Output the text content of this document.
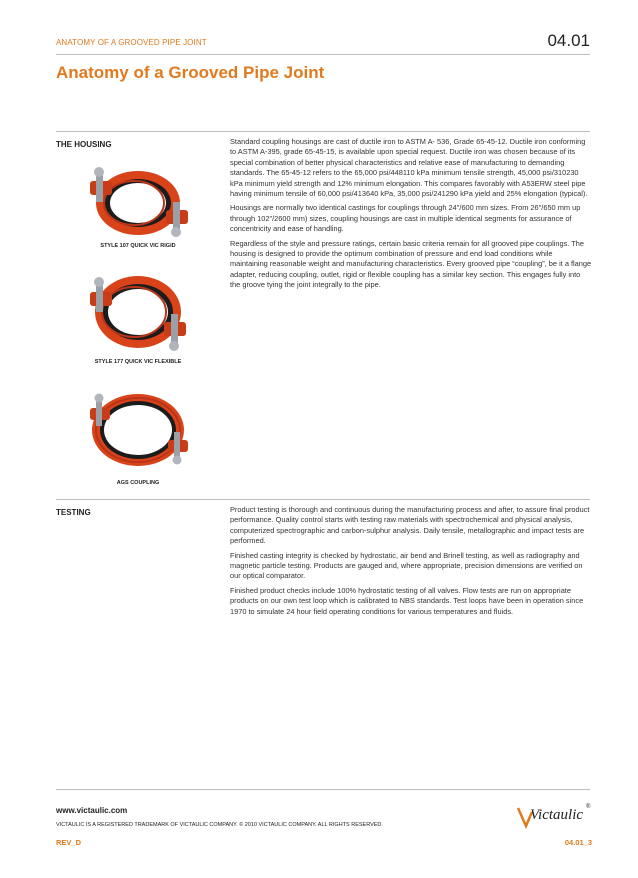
ANATOMY OF A GROOVED PIPE JOINT	04.01
Anatomy of a Grooved Pipe Joint
THE HOUSING
STYLE 107 QUICK VIC RIGID
STYLE 177 QUICK VIC FLEXIBLE
AGS COUPLING

Standard coupling housings are cast of ductile iron to ASTM A- 536, Grade 65-45-12. Ductile iron conforming to ASTM A-395, grade 65-45-15, is available upon special request. Ductile iron was chosen because of its special combination of better physical characteristics and relative ease of manufacturing to demanding standards. The 65-45-12 refers to the 65,000 psi/448110 kPa minimum tensile strength, 45,000 psi/310230 kPa minimum yield strength and 12% minimum elongation. This compares favorably with A53ERW steel pipe having minimum tensile of 60,000 psi/413640 kPa, 35,000 psi/241290 kPa yield and 25% elongation (typical).

Housings are normally two identical castings for couplings through 24"/600 mm sizes. From 26"/650 mm up through 102"/2600 mm) sizes, coupling housings are cast in multiple identical segments for assurance of concentricity and ease of handling.

Regardless of the style and pressure ratings, certain basic criteria remain for all grooved pipe couplings. The housing is designed to provide the optimum combination of pressure and end load conditions while maintaining reasonable weight and manufacturing characteristics. Every grooved pipe “coupling”, be it a flange adapter, reducing coupling, outlet, rigid or flexible coupling has a similar key section. This engages fully into the groove tying the joint integrally to the pipe.

TESTING	Product testing is thorough and continuous during the manufacturing process and after, to assure final product performance. Quality control starts with testing raw materials with spectrochemical and physical analysis, computerized spectrographic and carbon-sulphur analysis. Daily tensile, metallographic and impact tests are performed.

Finished casting integrity is checked by hydrostatic, air bend and Brinell testing, as well as radiography and magnetic particle testing. Products are gauged and, where appropriate, precision dimensions are verified on our optical comparator.

Finished product checks include 100% hydrostatic testing of all valves. Flow tests are run on appropriate products on our own test loop which is calibrated to NBS standards. Test loops have been in operation since 1970 to simulate 24 hour field operating conditions for various temperatures and fluids.

www.victaulic.com
VICTAULIC IS A REGISTERED TRADEMARK OF VICTAULIC COMPANY. © 2010 VICTAULIC COMPANY. ALL RIGHTS RESERVED.
REV_D	04.01_3
Victaulic ®
